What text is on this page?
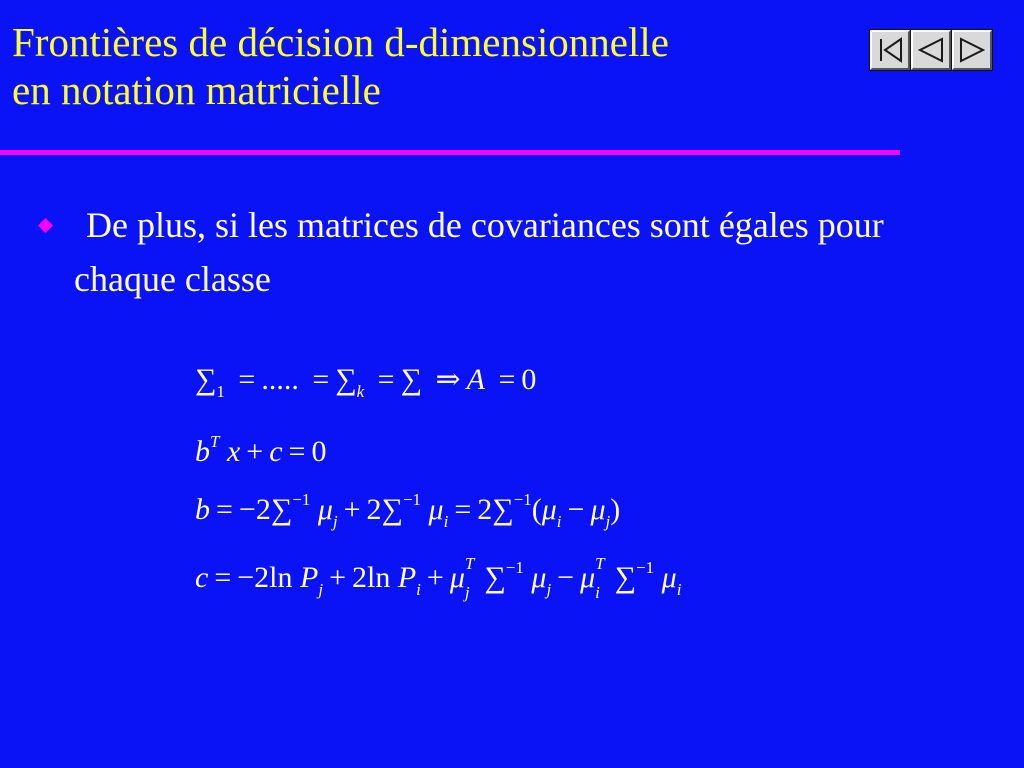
Frontières de décision d-dimensionnelle
en notation matricielle
De plus, si les matrices de covariances sont égales pour chaque classe
$\sum_1$ = ..... = $\sum_k$ = ∑ ⇒ A = 0
$b^T$ x + c = 0
b = −2∑$^{-1}$ $\mu_j + 2\sum^{-1}$ $\mu_i = 2\sum^{-1}(\mu_i - \mu_j)$
c = −2ln $P_j + 2\ln$ $P_i + \mu$ T
j ∑$^{-1}$ $\mu_j - \mu$ T
i ∑$^{-1}$ $\mu_i$
